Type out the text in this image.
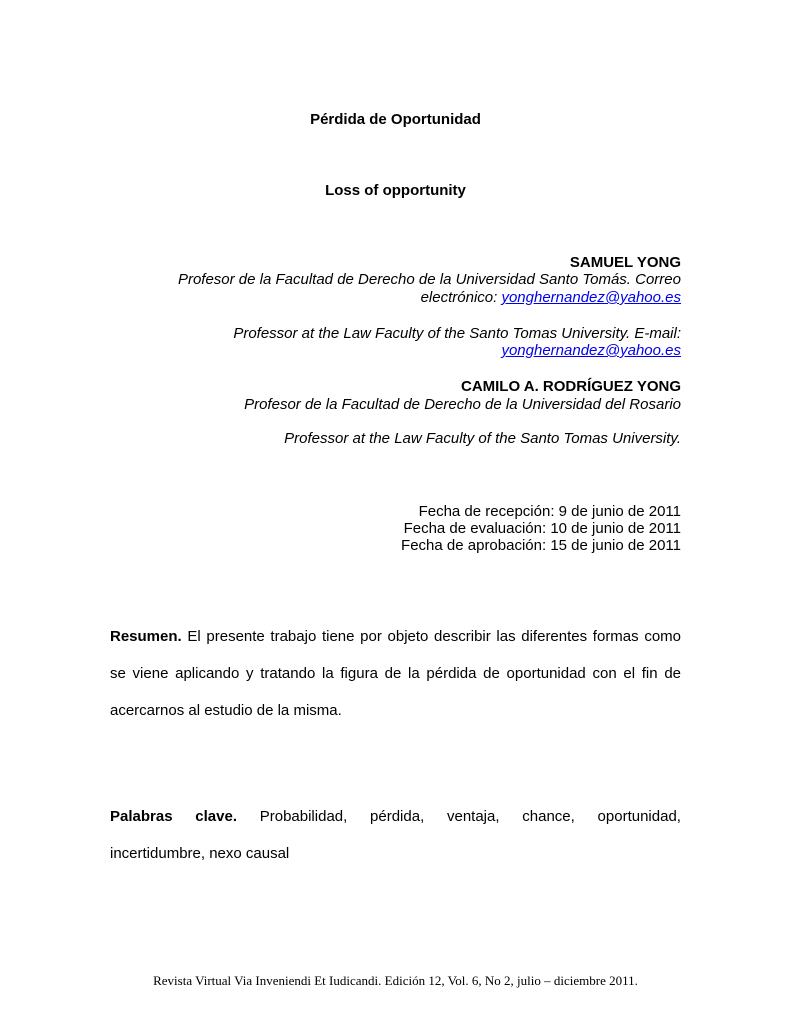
Pérdida de Oportunidad
Loss of opportunity
SAMUEL YONG
Profesor de la Facultad de Derecho de la Universidad Santo Tomás. Correo
electrónico: yonghernandez@yahoo.es
Professor at the Law Faculty of the Santo Tomas University. E-mail:
yonghernandez@yahoo.es
CAMILO A. RODRÍGUEZ YONG
Profesor de la Facultad de Derecho de la Universidad del Rosario
Professor at the Law Faculty of the Santo Tomas University.
Fecha de recepción: 9 de junio de 2011
Fecha de evaluación: 10 de junio de 2011
Fecha de aprobación: 15 de junio de 2011
Resumen. El presente trabajo tiene por objeto describir las diferentes formas como se viene aplicando y tratando la figura de la pérdida de oportunidad con el fin de acercarnos al estudio de la misma.
Palabras clave. Probabilidad, pérdida, ventaja, chance, oportunidad,
incertidumbre, nexo causal
Revista Virtual Via Inveniendi Et Iudicandi. Edición 12, Vol. 6, No 2, julio – diciembre 2011.
